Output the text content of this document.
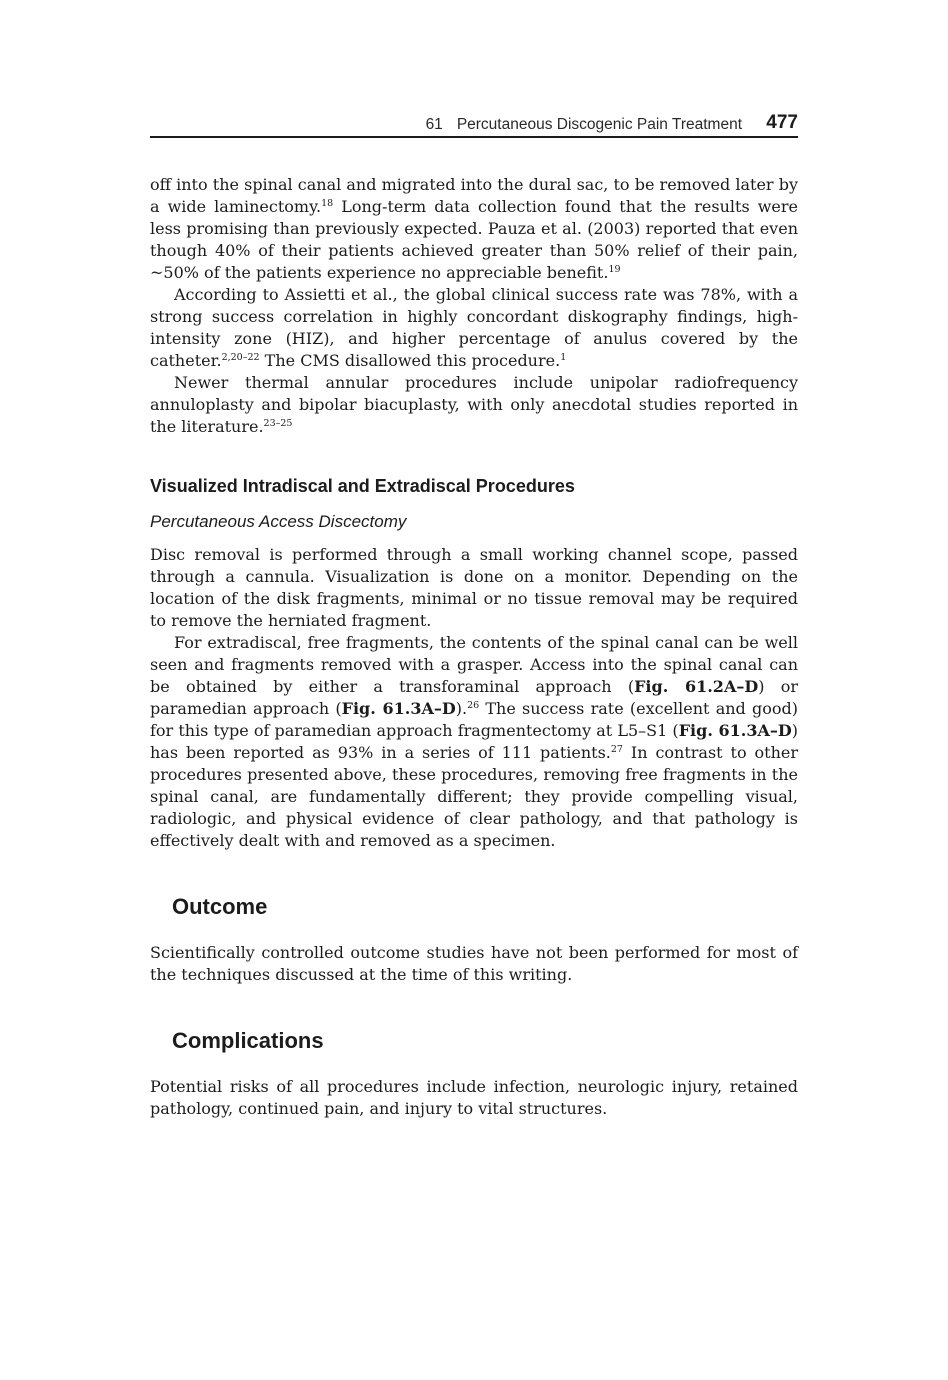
61 Percutaneous Discogenic Pain Treatment 477

off into the spinal canal and migrated into the dural sac, to be removed later by a wide laminectomy.$^{18}$ Long-term data collection found that the results were less promising than previously expected. Pauza et al. (2003) reported that even though 40% of their patients achieved greater than 50% relief of their pain, ~50% of the patients experience no appreciable benefit.$^{19}$

According to Assietti et al., the global clinical success rate was 78%, with a strong success correlation in highly concordant diskography findings, high-intensity zone (HIZ), and higher percentage of anulus covered by the catheter.$^{2,20-22}$ The CMS disallowed this procedure.$^1$

Newer thermal annular procedures include unipolar radiofrequency annuloplasty and bipolar biacuplasty, with only anecdotal studies reported in the literature.$^{23-25}$

Visualized Intradiscal and Extradiscal Procedures
Percutaneous Access Discectomy

Disc removal is performed through a small working channel scope, passed through a cannula. Visualization is done on a monitor. Depending on the location of the disk fragments, minimal or no tissue removal may be required to remove the herniated fragment.

For extradiscal, free fragments, the contents of the spinal canal can be well seen and fragments removed with a grasper. Access into the spinal canal can be obtained by either a transforaminal approach (Fig. 61.2A–D) or paramedian approach (Fig. 61.3A–D).$^{26}$ The success rate (excellent and good) for this type of paramedian approach fragmentectomy at L5–S1 (Fig. 61.3A–D) has been reported as 93% in a series of 111 patients.$^{27}$ In contrast to other procedures presented above, these procedures, removing free fragments in the spinal canal, are fundamentally different; they provide compelling visual, radiologic, and physical evidence of clear pathology, and that pathology is effectively dealt with and removed as a specimen.

Outcome

Scientifically controlled outcome studies have not been performed for most of the techniques discussed at the time of this writing.

Complications

Potential risks of all procedures include infection, neurologic injury, retained pathology, continued pain, and injury to vital structures.
